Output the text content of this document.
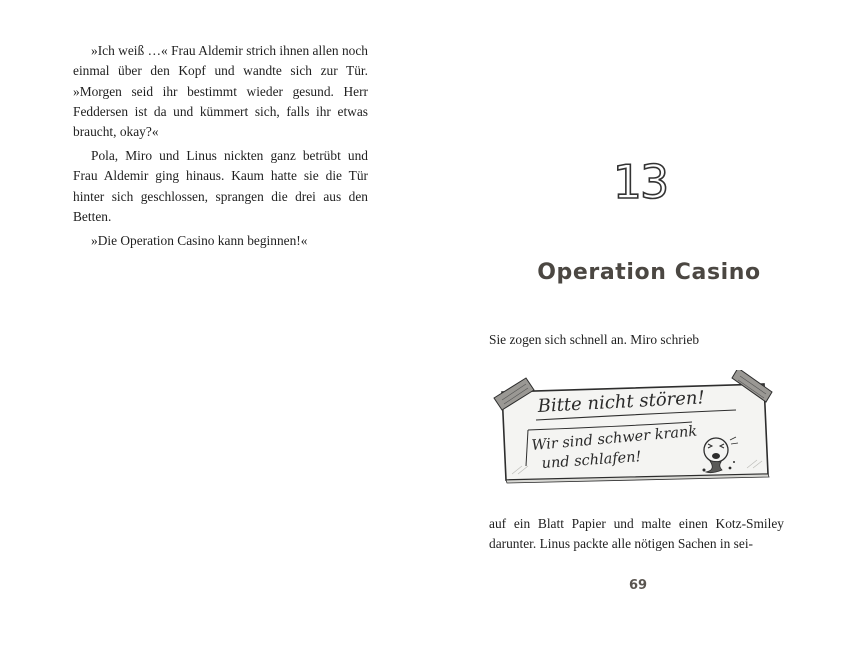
»Ich weiß …« Frau Aldemir strich ihnen allen noch einmal über den Kopf und wandte sich zur Tür. »Morgen seid ihr bestimmt wieder gesund. Herr Feddersen ist da und kümmert sich, falls ihr etwas braucht, okay?«

Pola, Miro und Linus nickten ganz betrübt und Frau Aldemir ging hinaus. Kaum hatte sie die Tür hinter sich geschlossen, sprangen die drei aus den Betten.

»Die Operation Casino kann beginnen!«

13
Operation Casino

Sie zogen sich schnell an. Miro schrieb

Bitte nicht stören!
Wir sind schwer krank
und schlafen!

auf ein Blatt Papier und malte einen Kotz-Smiley darunter. Linus packte alle nötigen Sachen in sei-

69
